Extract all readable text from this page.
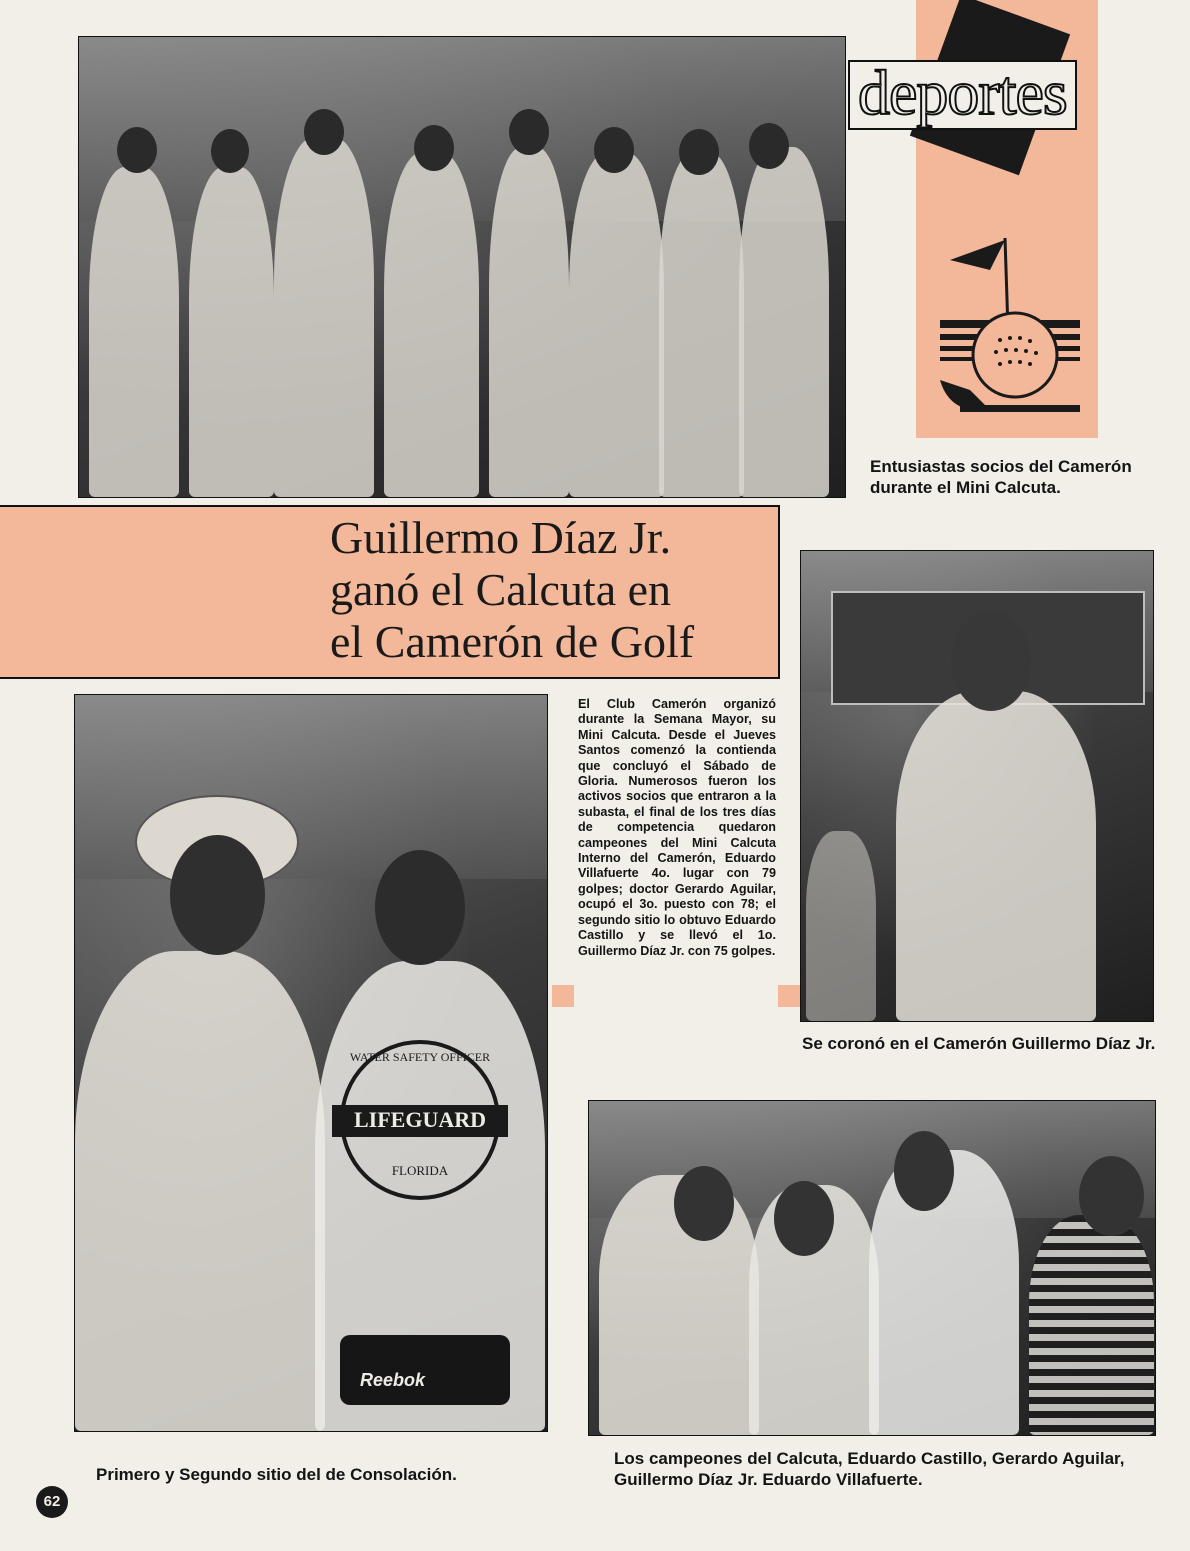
deportes
Entusiastas socios del Camerón durante el Mini Calcuta.
Guillermo Díaz Jr.
ganó el Calcuta en
el Camerón de Golf
Se coronó en el Camerón Guillermo Díaz Jr.
El Club Camerón organizó durante la Semana Mayor, su Mini Calcuta. Desde el Jueves Santos comenzó la contienda que concluyó el Sábado de Gloria. Numerosos fueron los activos socios que entraron a la subasta, el final de los tres días de competencia quedaron campeones del Mini Calcuta Interno del Camerón, Eduardo Villafuerte 4o. lugar con 79 golpes; doctor Gerardo Aguilar, ocupó el 3o. puesto con 78; el segundo sitio lo obtuvo Eduardo Castillo y se llevó el 1o. Guillermo Díaz Jr. con 75 golpes.
LIFEGUARD
WATER SAFETY OFFICER
FLORIDA
Reebok
Primero y Segundo sitio del de Consolación.
Los campeones del Calcuta, Eduardo Castillo, Gerardo Aguilar, Guillermo Díaz Jr. Eduardo Villafuerte.
62
